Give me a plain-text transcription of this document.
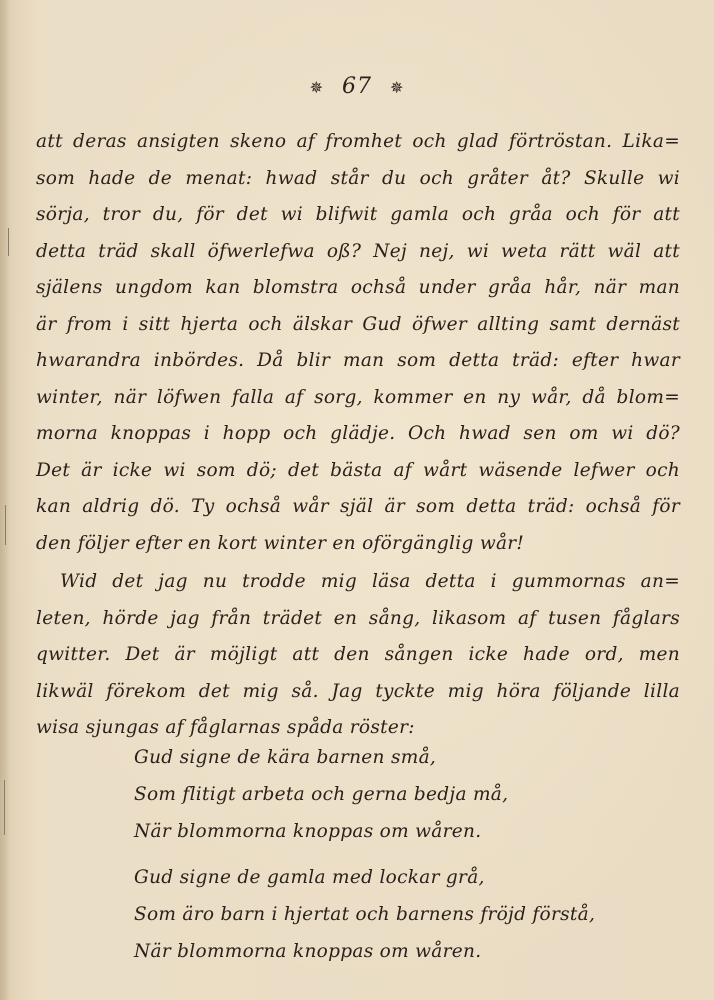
✵ 67 ✵
att deras ansigten skeno af fromhet och glad förtröstan. Lika=
som hade de menat: hwad står du och gråter åt? Skulle wi
sörja, tror du, för det wi blifwit gamla och gråa och för att
detta träd skall öfwerlefwa oß? Nej nej, wi weta rätt wäl att
själens ungdom kan blomstra ochså under gråa hår, när man
är from i sitt hjerta och älskar Gud öfwer allting samt dernäst
hwarandra inbördes. Då blir man som detta träd: efter hwar
winter, när löfwen falla af sorg, kommer en ny wår, då blom=
morna knoppas i hopp och glädje. Och hwad sen om wi dö?
Det är icke wi som dö; det bästa af wårt wäsende lefwer och
kan aldrig dö. Ty ochså wår själ är som detta träd: ochså för
den följer efter en kort winter en oförgänglig wår!
Wid det jag nu trodde mig läsa detta i gummornas an=
leten, hörde jag från trädet en sång, likasom af tusen fåglars
qwitter. Det är möjligt att den sången icke hade ord, men
likwäl förekom det mig så. Jag tyckte mig höra följande lilla
wisa sjungas af fåglarnas spåda röster:
Gud signe de kära barnen små,
Som flitigt arbeta och gerna bedja må,
När blommorna knoppas om wåren.
Gud signe de gamla med lockar grå,
Som äro barn i hjertat och barnens fröjd förstå,
När blommorna knoppas om wåren.
